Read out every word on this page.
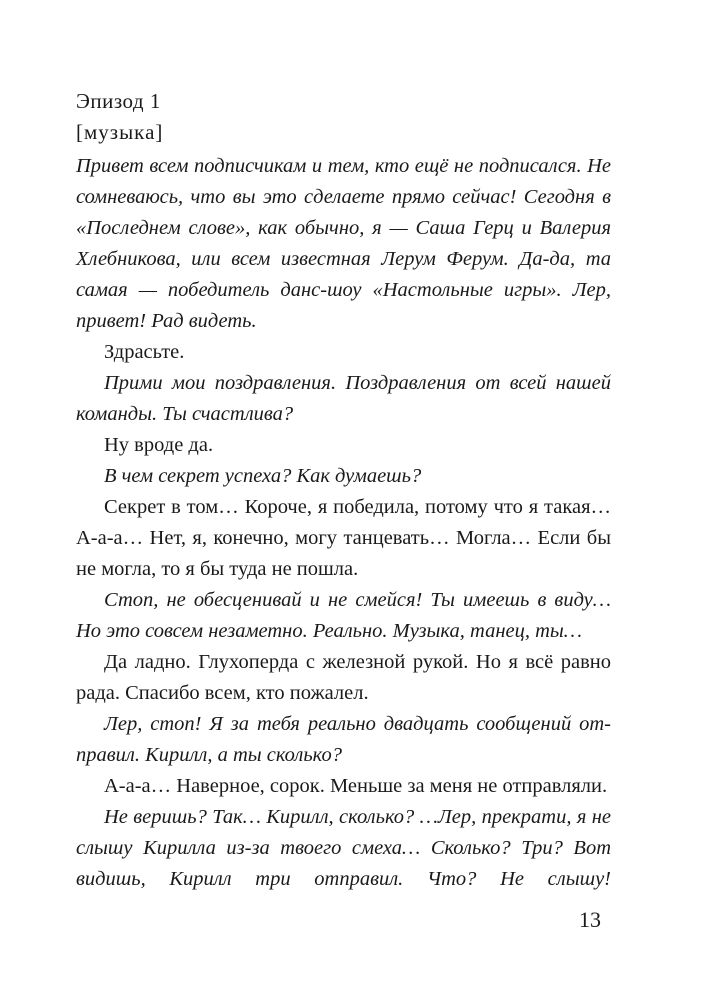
Эпизод 1
[музыка]
Привет всем подписчикам и тем, кто ещё не подписался. Не сомневаюсь, что вы это сделаете прямо сейчас! Сегодня в «Последнем слове», как обычно, я — Саша Герц и Валерия Хлебникова, или всем известная Лерум Ферум. Да-да, та самая — победитель данс-шоу «Настольные игры». Лер, привет! Рад видеть.
Здрасьте.
Прими мои поздравления. Поздравления от всей нашей команды. Ты счастлива?
Ну вроде да.
В чем секрет успеха? Как думаешь?
Секрет в том… Короче, я победила, потому что я такая… А-а-а… Нет, я, конечно, могу танцевать… Могла… Если бы не могла, то я бы туда не пошла.
Стоп, не обесценивай и не смейся! Ты имеешь в виду… Но это совсем незаметно. Реально. Музыка, танец, ты…
Да ладно. Глухоперда с железной рукой. Но я всё равно рада. Спасибо всем, кто пожалел.
Лер, стоп! Я за тебя реально двадцать сообщений отправил. Кирилл, а ты сколько?
А-а-а… Наверное, сорок. Меньше за меня не отправляли.
Не веришь? Так… Кирилл, сколько? …Лер, прекрати, я не слышу Кирилла из-за твоего смеха… Сколько? Три? Вот видишь, Кирилл три отправил. Что? Не слышу!
13
